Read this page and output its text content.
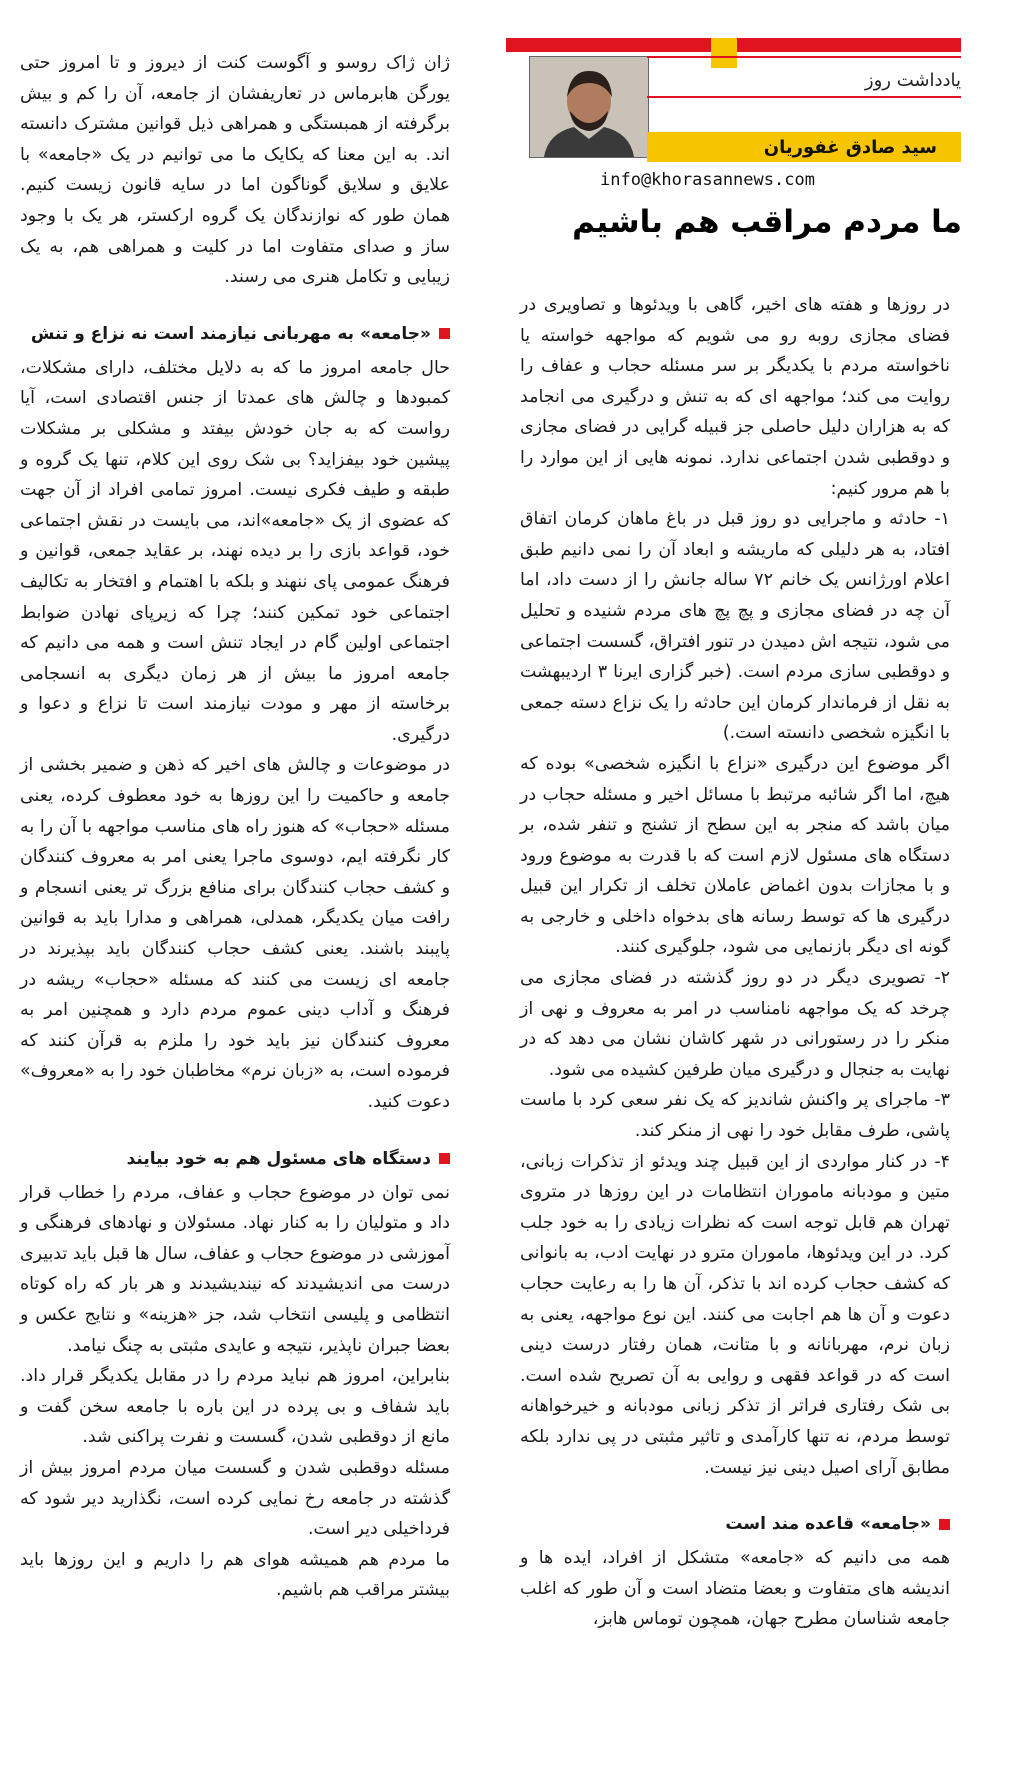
یادداشت روز
سید صادق غفوریان
info@khorasannews.com
ما مردم مراقب هم باشیم

در روزها و هفته های اخیر، گاهی با ویدئوها و تصاویری در فضای مجازی روبه رو می شویم که مواجهه خواسته یا ناخواسته مردم با یکدیگر بر سر مسئله حجاب و عفاف را روایت می کند؛ مواجهه ای که به تنش و درگیری می انجامد که به هزاران دلیل حاصلی جز قبیله گرایی در فضای مجازی و دوقطبی شدن اجتماعی ندارد. نمونه هایی از این موارد را با هم مرور کنیم:

۱- حادثه و ماجرایی دو روز قبل در باغ ماهان کرمان اتفاق افتاد، به هر دلیلی که ماریشه و ابعاد آن را نمی دانیم طبق اعلام اورژانس یک خانم ۷۲ ساله جانش را از دست داد، اما آن چه در فضای مجازی و پچ پچ های مردم شنیده و تحلیل می شود، نتیجه اش دمیدن در تنور افتراق، گسست اجتماعی و دوقطبی سازی مردم است. (خبر گزاری ایرنا ۳ اردیبهشت به نقل از فرماندار کرمان این حادثه را یک نزاع دسته جمعی با انگیزه شخصی دانسته است.)

اگر موضوع این درگیری «نزاع با انگیزه شخصی» بوده که هیچ، اما اگر شائبه مرتبط با مسائل اخیر و مسئله حجاب در میان باشد که منجر به این سطح از تشنج و تنفر شده، بر دستگاه های مسئول لازم است که با قدرت به موضوع ورود و با مجازات بدون اغماض عاملان تخلف از تکرار این قبیل درگیری ها که توسط رسانه های بدخواه داخلی و خارجی به گونه ای دیگر بازنمایی می شود، جلوگیری کنند.

۲- تصویری دیگر در دو روز گذشته در فضای مجازی می چرخد که یک مواجهه نامناسب در امر به معروف و نهی از منکر را در رستورانی در شهر کاشان نشان می دهد که در نهایت به جنجال و درگیری میان طرفین کشیده می شود.

۳- ماجرای پر واکنش شاندیز که یک نفر سعی کرد با ماست پاشی، طرف مقابل خود را نهی از منکر کند.

۴- در کنار مواردی از این قبیل چند ویدئو از تذکرات زبانی، متین و مودبانه ماموران انتظامات در این روزها در متروی تهران هم قابل توجه است که نظرات زیادی را به خود جلب کرد. در این ویدئوها، ماموران مترو در نهایت ادب، به بانوانی که کشف حجاب کرده اند با تذکر، آن ها را به رعایت حجاب دعوت و آن ها هم اجابت می کنند. این نوع مواجهه، یعنی به زبان نرم، مهربانانه و با متانت، همان رفتار درست دینی است که در قواعد فقهی و روایی به آن تصریح شده است. بی شک رفتاری فراتر از تذکر زبانی مودبانه و خیرخواهانه توسط مردم، نه تنها کارآمدی و تاثیر مثبتی در پی ندارد بلکه مطابق آرای اصیل دینی نیز نیست.

«جامعه» قاعده مند است

همه می دانیم که «جامعه» متشکل از افراد، ایده ها و اندیشه های متفاوت و بعضا متضاد است و آن طور که اغلب جامعه شناسان مطرح جهان، همچون توماس هابز،

ژان ژاک روسو و آگوست کنت از دیروز و تا امروز حتی یورگن هابرماس در تعاریفشان از جامعه، آن را کم و بیش برگرفته از همبستگی و همراهی ذیل قوانین مشترک دانسته اند. به این معنا که یکایک ما می توانیم در یک «جامعه» با علایق و سلایق گوناگون اما در سایه قانون زیست کنیم. همان طور که نوازندگان یک گروه ارکستر، هر یک با وجود ساز و صدای متفاوت اما در کلیت و همراهی هم، به یک زیبایی و تکامل هنری می رسند.

«جامعه» به مهربانی نیازمند است نه نزاع و تنش

حال جامعه امروز ما که به دلایل مختلف، دارای مشکلات، کمبودها و چالش های عمدتا از جنس اقتصادی است، آیا رواست که به جان خودش بیفتد و مشکلی بر مشکلات پیشین خود بیفزاید؟ بی شک روی این کلام، تنها یک گروه و طبقه و طیف فکری نیست. امروز تمامی افراد از آن جهت که عضوی از یک «جامعه»اند، می بایست در نقش اجتماعی خود، قواعد بازی را بر دیده نهند، بر عقاید جمعی، قوانین و فرهنگ عمومی پای ننهند و بلکه با اهتمام و افتخار به تکالیف اجتماعی خود تمکین کنند؛ چرا که زیرپای نهادن ضوابط اجتماعی اولین گام در ایجاد تنش است و همه می دانیم که جامعه امروز ما بیش از هر زمان دیگری به انسجامی برخاسته از مهر و مودت نیازمند است تا نزاع و دعوا و درگیری.

در موضوعات و چالش های اخیر که ذهن و ضمیر بخشی از جامعه و حاکمیت را این روزها به خود معطوف کرده، یعنی مسئله «حجاب» که هنوز راه های مناسب مواجهه با آن را به کار نگرفته ایم، دوسوی ماجرا یعنی امر به معروف کنندگان و کشف حجاب کنندگان برای منافع بزرگ تر یعنی انسجام و رافت میان یکدیگر، همدلی، همراهی و مدارا باید به قوانین پایبند باشند. یعنی کشف حجاب کنندگان باید بپذیرند در جامعه ای زیست می کنند که مسئله «حجاب» ریشه در فرهنگ و آداب دینی عموم مردم دارد و همچنین امر به معروف کنندگان نیز باید خود را ملزم به قرآن کنند که فرموده است، به «زبان نرم» مخاطبان خود را به «معروف» دعوت کنید.

دستگاه های مسئول هم به خود بیایند

نمی توان در موضوع حجاب و عفاف، مردم را خطاب قرار داد و متولیان را به کنار نهاد. مسئولان و نهادهای فرهنگی و آموزشی در موضوع حجاب و عفاف، سال ها قبل باید تدبیری درست می اندیشیدند که نیندیشیدند و هر بار که راه کوتاه انتظامی و پلیسی انتخاب شد، جز «هزینه» و نتایج عکس و بعضا جبران ناپذیر، نتیجه و عایدی مثبتی به چنگ نیامد.

بنابراین، امروز هم نباید مردم را در مقابل یکدیگر قرار داد. باید شفاف و بی پرده در این باره با جامعه سخن گفت و مانع از دوقطبی شدن، گسست و نفرت پراکنی شد.

مسئله دوقطبی شدن و گسست میان مردم امروز بیش از گذشته در جامعه رخ نمایی کرده است، نگذارید دیر شود که فرداخیلی دیر است.

ما مردم هم همیشه هوای هم را داریم و این روزها باید بیشتر مراقب هم باشیم.
